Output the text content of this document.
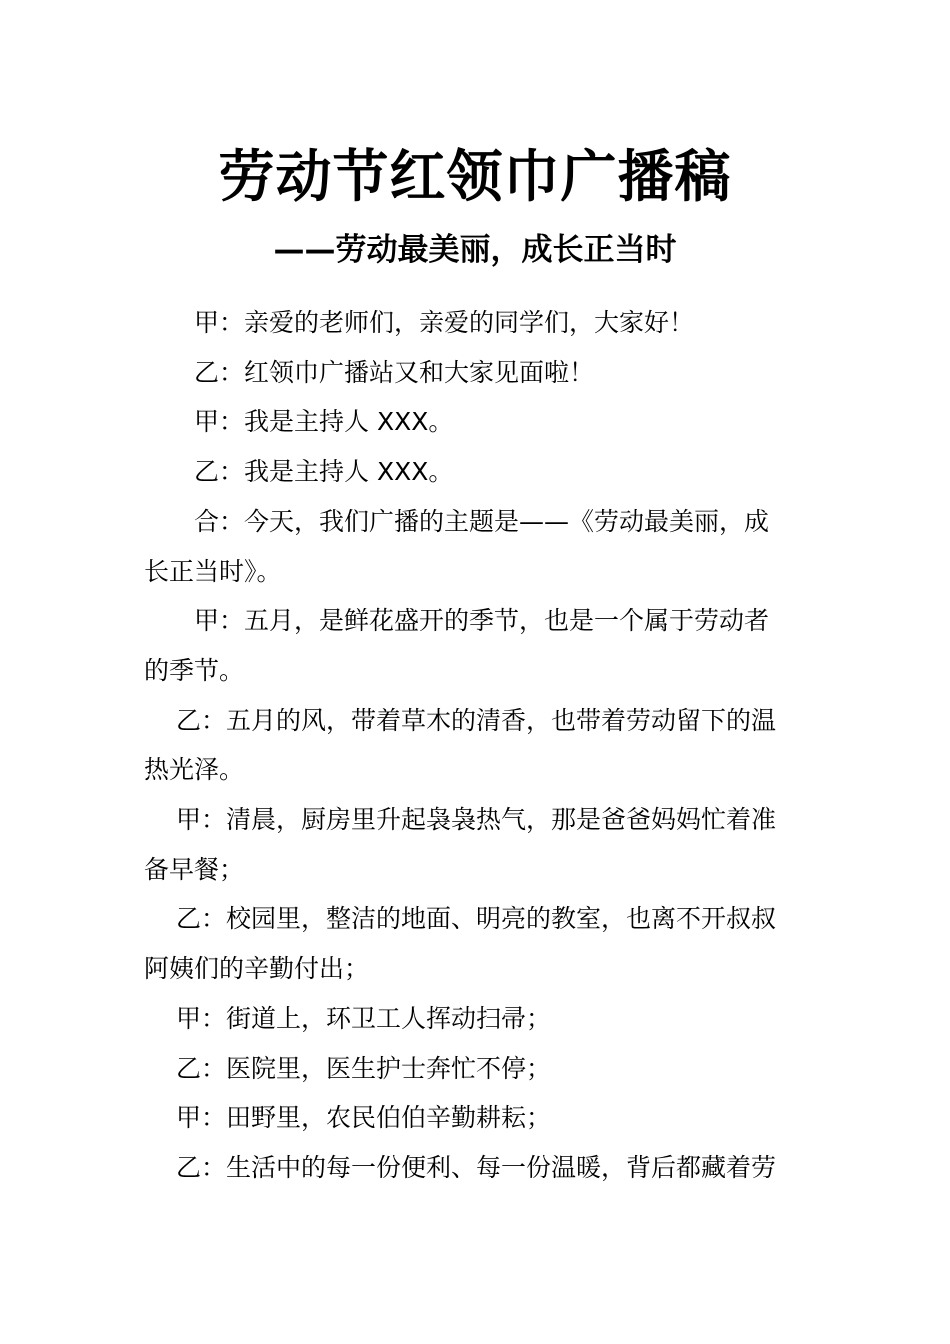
劳动节红领巾广播稿
——劳动最美丽，成长正当时

甲：亲爱的老师们，亲爱的同学们，大家好！

乙：红领巾广播站又和大家见面啦！

甲：我是主持人 XXX。

乙：我是主持人 XXX。

合：今天，我们广播的主题是——《劳动最美丽，成

长正当时》。

甲：五月，是鲜花盛开的季节，也是一个属于劳动者

的季节。

乙：五月的风，带着草木的清香，也带着劳动留下的温

热光泽。

甲：清晨，厨房里升起袅袅热气，那是爸爸妈妈忙着准

备早餐；

乙：校园里，整洁的地面、明亮的教室，也离不开叔叔

阿姨们的辛勤付出；

甲：街道上，环卫工人挥动扫帚；

乙：医院里，医生护士奔忙不停；

甲：田野里，农民伯伯辛勤耕耘；

乙：生活中的每一份便利、每一份温暖，背后都藏着劳
